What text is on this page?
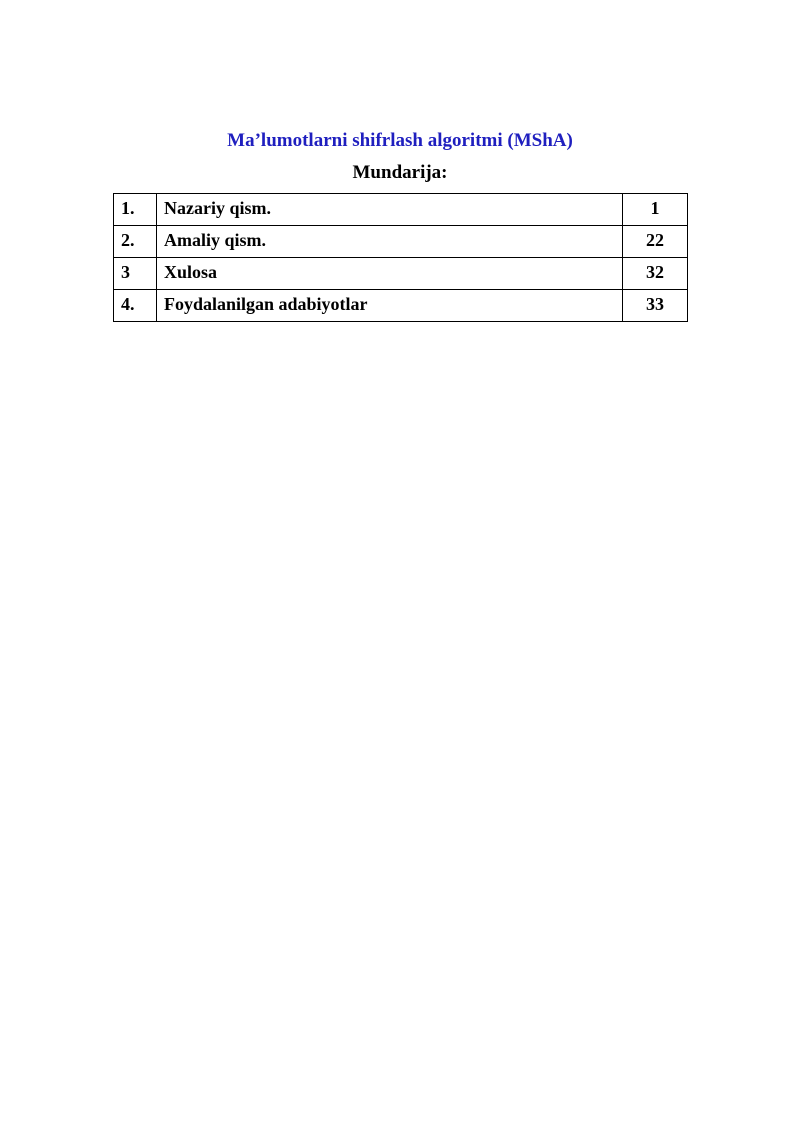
Ma’lumotlarni shifrlash algoritmi (MShA)
Mundarija:
1.	Nazariy qism.	1
2.	Amaliy qism.	22
3	Xulosa	32
4.	Foydalanilgan adabiyotlar	33
